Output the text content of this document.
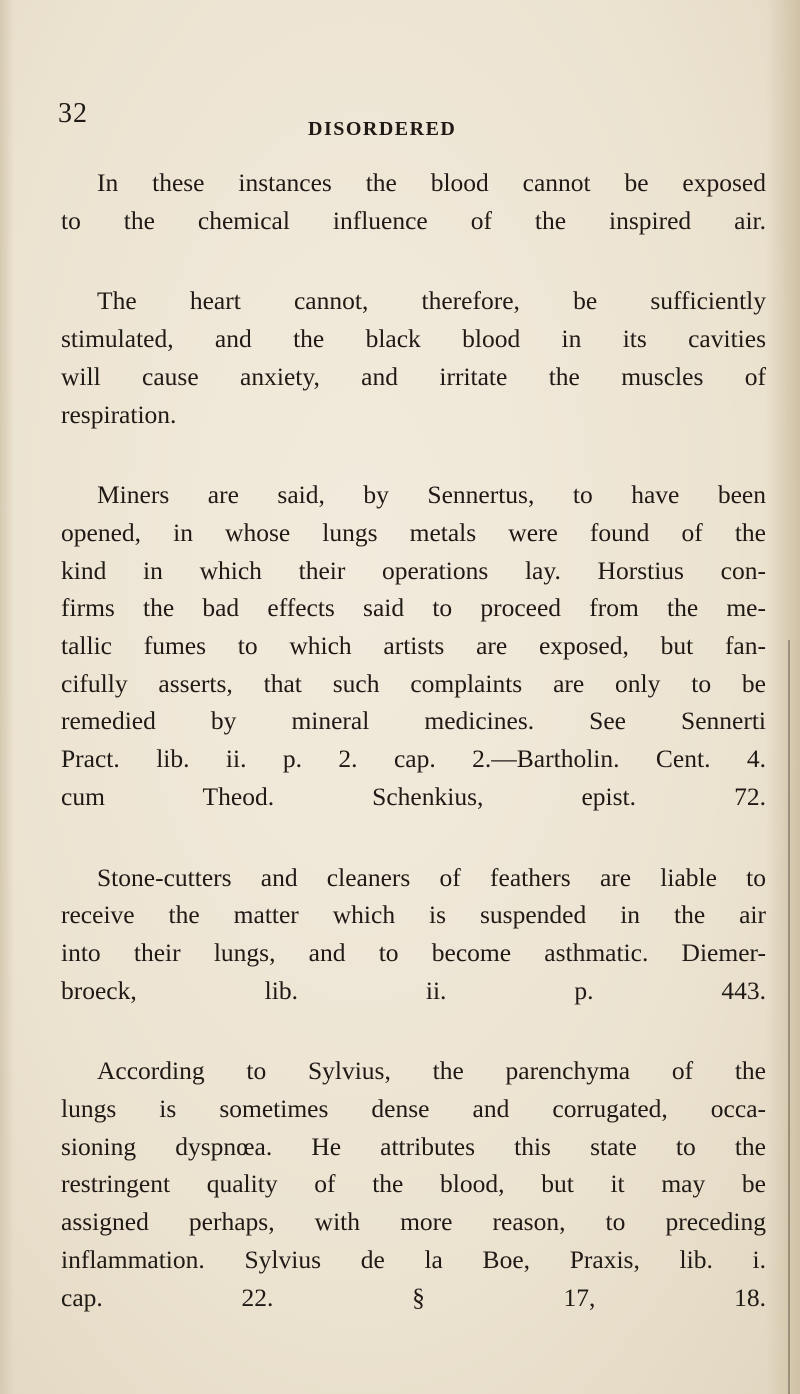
32	DISORDERED
In these instances the blood cannot be exposed
to the chemical influence of the inspired air.
The heart cannot, therefore, be sufficiently
stimulated, and the black blood in its cavities
will cause anxiety, and irritate the muscles of
respiration.
Miners are said, by Sennertus, to have been
opened, in whose lungs metals were found of the
kind in which their operations lay. Horstius con-
firms the bad effects said to proceed from the me-
tallic fumes to which artists are exposed, but fan-
cifully asserts, that such complaints are only to be
remedied by mineral medicines. See Sennerti
Pract. lib. ii. p. 2. cap. 2.—Bartholin. Cent. 4.
cum Theod. Schenkius, epist. 72.
Stone-cutters and cleaners of feathers are liable to
receive the matter which is suspended in the air
into their lungs, and to become asthmatic. Diemer-
broeck, lib. ii. p. 443.
According to Sylvius, the parenchyma of the
lungs is sometimes dense and corrugated, occa-
sioning dyspnœa. He attributes this state to the
restringent quality of the blood, but it may be
assigned perhaps, with more reason, to preceding
inflammation. Sylvius de la Boe, Praxis, lib. i.
cap. 22. § 17, 18.
